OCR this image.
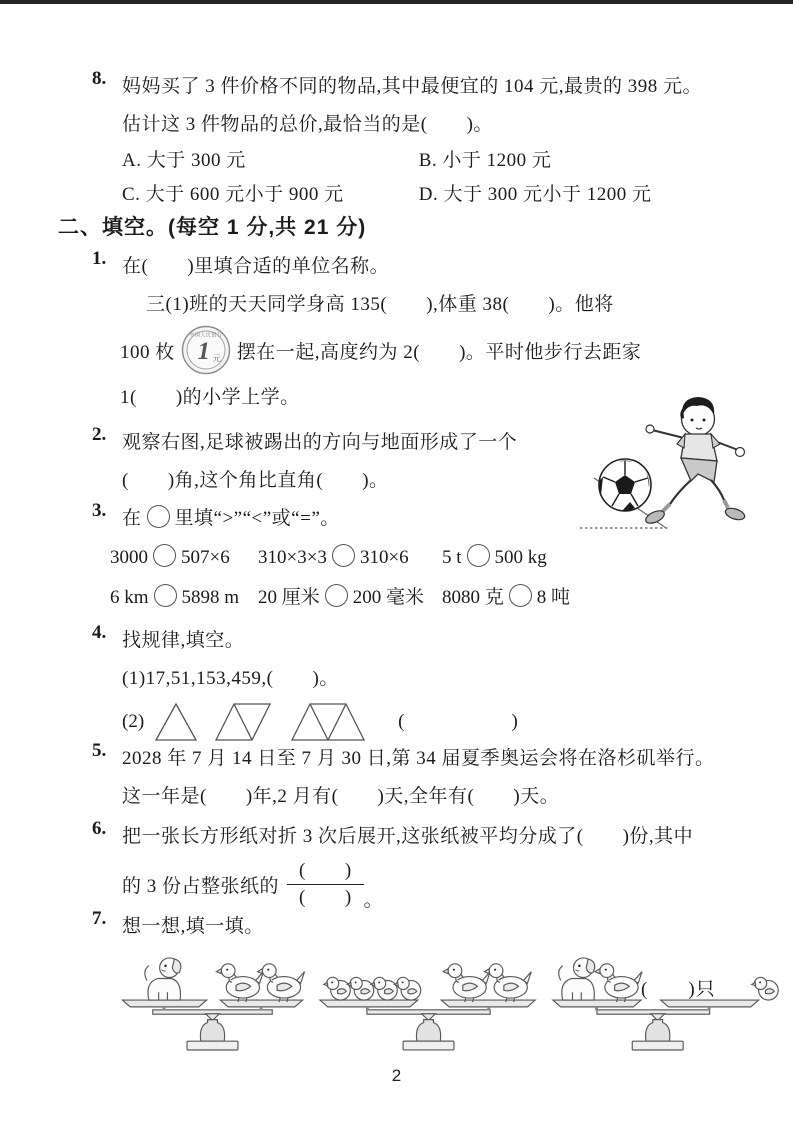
8. 妈妈买了 3 件价格不同的物品,其中最便宜的 104 元,最贵的 398 元。
估计这 3 件物品的总价,最恰当的是(　　)。
A. 大于 300 元	B. 小于 1200 元
C. 大于 600 元小于 900 元	D. 大于 300 元小于 1200 元
二、填空。(每空 1 分,共 21 分)
1. 在(　　)里填合适的单位名称。
三(1)班的天天同学身高 135(　　),体重 38(　　)。他将
100 枚
中国人民银行
1 元 摆在一起,高度约为 2(　　)。平时他步行去距家
1(　　)的小学上学。
2. 观察右图,足球被踢出的方向与地面形成了一个
(　　)角,这个角比直角(　　)。
3. 在 里填“>”“<”或“=”。
3000 507×6 310×3×3 310×6 5 t 500 kg
6 km 5898 m 20 厘米 200 毫米 8080 克 8 吨
4. 找规律,填空。
(1)17,51,153,459,(　　)。
(2)	(　　　　　)
5. 2028 年 7 月 14 日至 7 月 30 日,第 34 届夏季奥运会将在洛杉矶举行。
这一年是(　　)年,2 月有(　　)天,全年有(　　)天。
6. 把一张长方形纸对折 3 次后展开,这张纸被平均分成了(　　)份,其中
的 3 份占整张纸的 $\frac{( )}{( )}$ 。
7. 想一想,填一填。
(　　)只
2
